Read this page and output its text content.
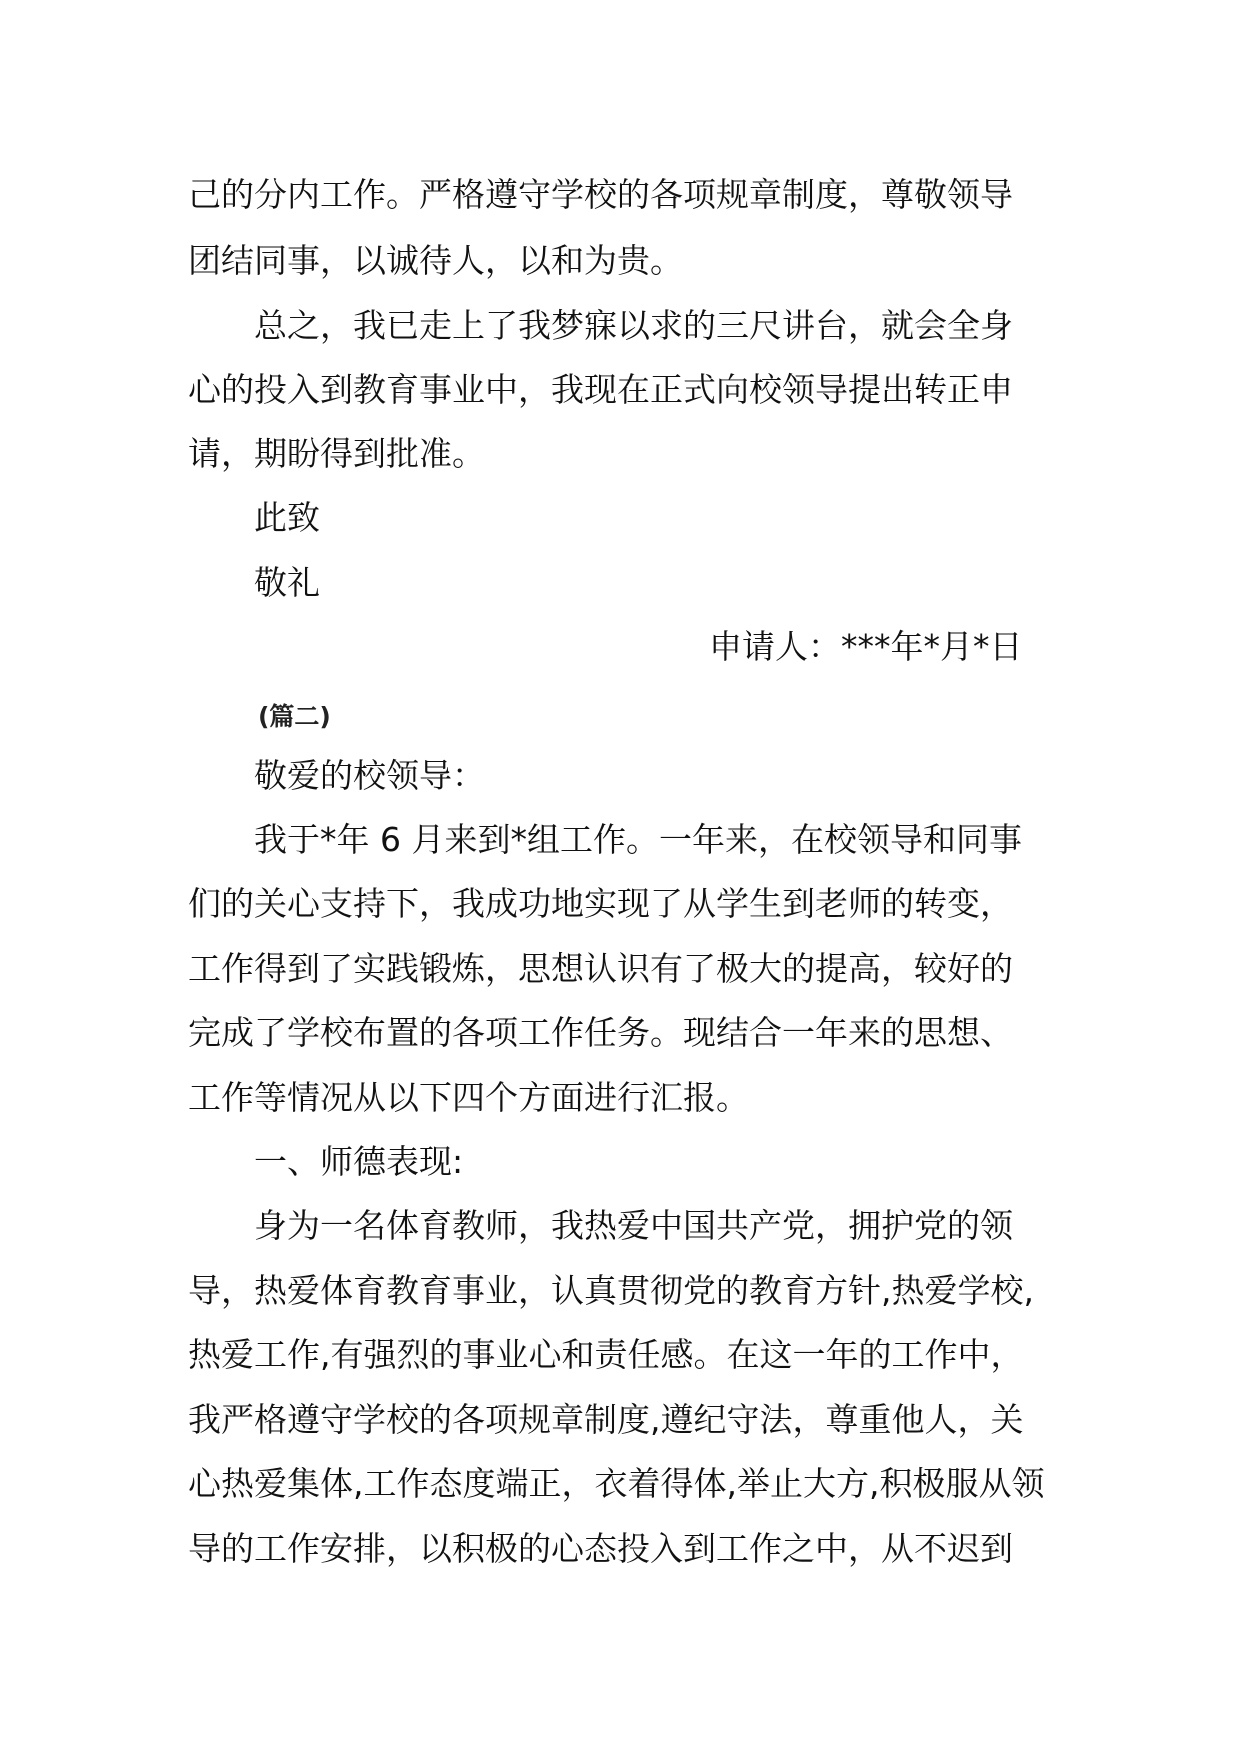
己的分内工作。严格遵守学校的各项规章制度，尊敬领导
团结同事，以诚待人，以和为贵。
总之，我已走上了我梦寐以求的三尺讲台，就会全身
心的投入到教育事业中，我现在正式向校领导提出转正申
请，期盼得到批准。
此致
敬礼
申请人：***年*月*日
(篇二)
敬爱的校领导：
我于*年 6 月来到*组工作。一年来，在校领导和同事
们的关心支持下，我成功地实现了从学生到老师的转变，
工作得到了实践锻炼，思想认识有了极大的提高，较好的
完成了学校布置的各项工作任务。现结合一年来的思想、
工作等情况从以下四个方面进行汇报。
一、师德表现:
身为一名体育教师，我热爱中国共产党，拥护党的领
导，热爱体育教育事业，认真贯彻党的教育方针,热爱学校,
热爱工作,有强烈的事业心和责任感。在这一年的工作中，
我严格遵守学校的各项规章制度,遵纪守法，尊重他人，关
心热爱集体,工作态度端正，衣着得体,举止大方,积极服从领
导的工作安排，以积极的心态投入到工作之中，从不迟到
